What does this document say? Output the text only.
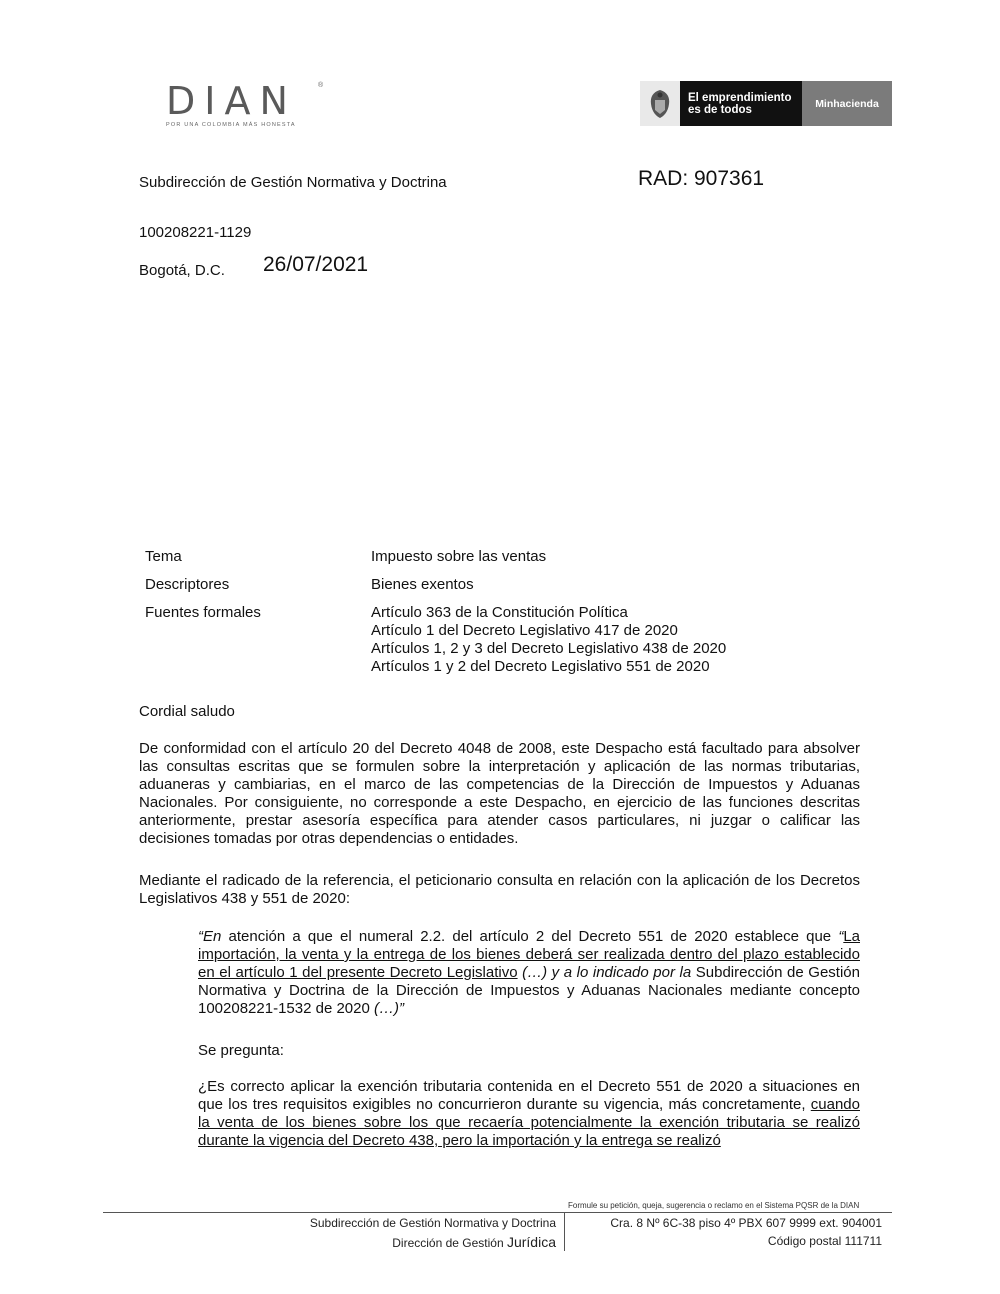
DIAN	®
POR UNA COLOMBIA MÁS HONESTA
El emprendimiento
es de todos	Minhacienda
Subdirección de Gestión Normativa y Doctrina	RAD: 907361
100208221-1129
Bogotá, D.C. 26/07/2021
Tema	Impuesto sobre las ventas
Descriptores	Bienes exentos
Fuentes formales	Artículo 363 de la Constitución Política
Artículo 1 del Decreto Legislativo 417 de 2020
Artículos 1, 2 y 3 del Decreto Legislativo 438 de 2020
Artículos 1 y 2 del Decreto Legislativo 551 de 2020

Cordial saludo

De conformidad con el artículo 20 del Decreto 4048 de 2008, este Despacho está facultado para absolver las consultas escritas que se formulen sobre la interpretación y aplicación de las normas tributarias, aduaneras y cambiarias, en el marco de las competencias de la Dirección de Impuestos y Aduanas Nacionales. Por consiguiente, no corresponde a este Despacho, en ejercicio de las funciones descritas anteriormente, prestar asesoría específica para atender casos particulares, ni juzgar o calificar las decisiones tomadas por otras dependencias o entidades.

Mediante el radicado de la referencia, el peticionario consulta en relación con la aplicación de los Decretos Legislativos 438 y 551 de 2020:

“En atención a que el numeral 2.2. del artículo 2 del Decreto 551 de 2020 establece que “La importación, la venta y la entrega de los bienes deberá ser realizada dentro del plazo establecido en el artículo 1 del presente Decreto Legislativo (…) y a lo indicado por la Subdirección de Gestión Normativa y Doctrina de la Dirección de Impuestos y Aduanas Nacionales mediante concepto 100208221-1532 de 2020 (…)”

Se pregunta:

¿Es correcto aplicar la exención tributaria contenida en el Decreto 551 de 2020 a situaciones en que los tres requisitos exigibles no concurrieron durante su vigencia, más concretamente, cuando la venta de los bienes sobre los que recaería potencialmente la exención tributaria se realizó durante la vigencia del Decreto 438, pero la importación y la entrega se realizó

Formule su petición, queja, sugerencia o reclamo en el Sistema PQSR de la DIAN
Subdirección de Gestión Normativa y Doctrina
Dirección de Gestión Jurídica
Cra. 8 Nº 6C-38 piso 4º PBX 607 9999 ext. 904001
Código postal 111711
